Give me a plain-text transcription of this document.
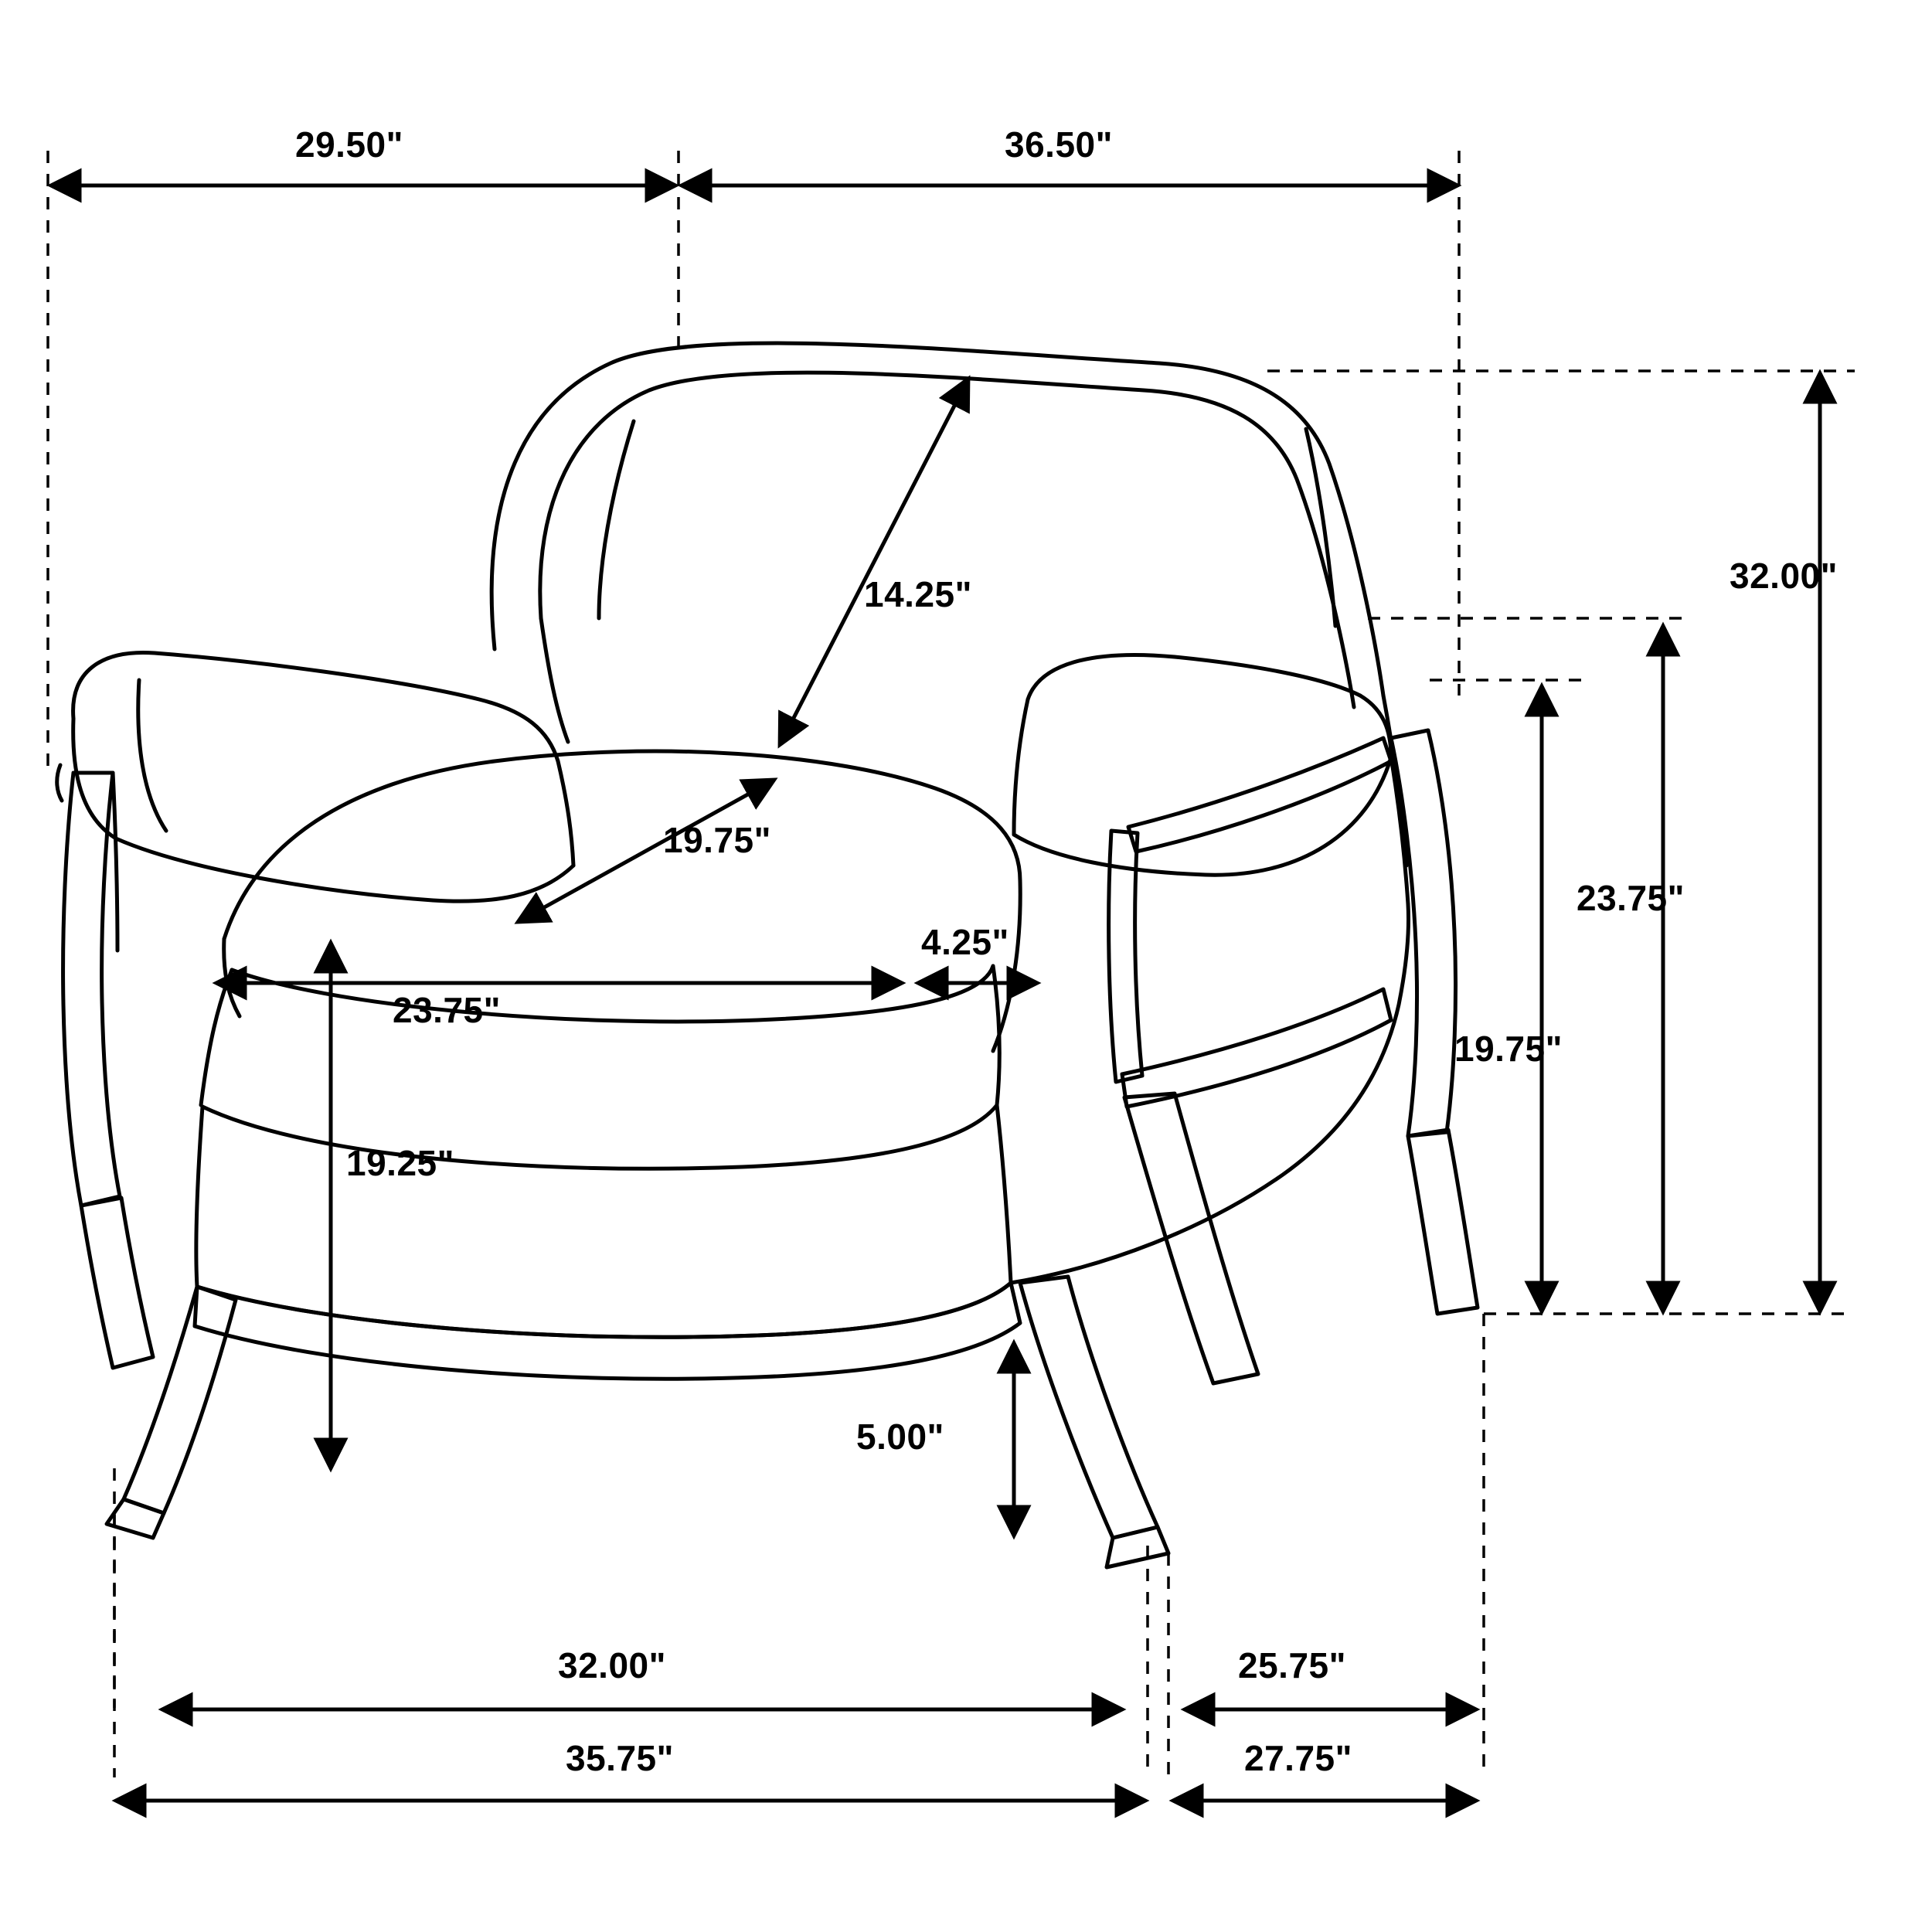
29.50"	36.50"
32.00"
23.75"
19.75"
14.25"
19.75"
23.75"
4.25"
19.25"
5.00"
32.00"	25.75"
35.75"	27.75"
